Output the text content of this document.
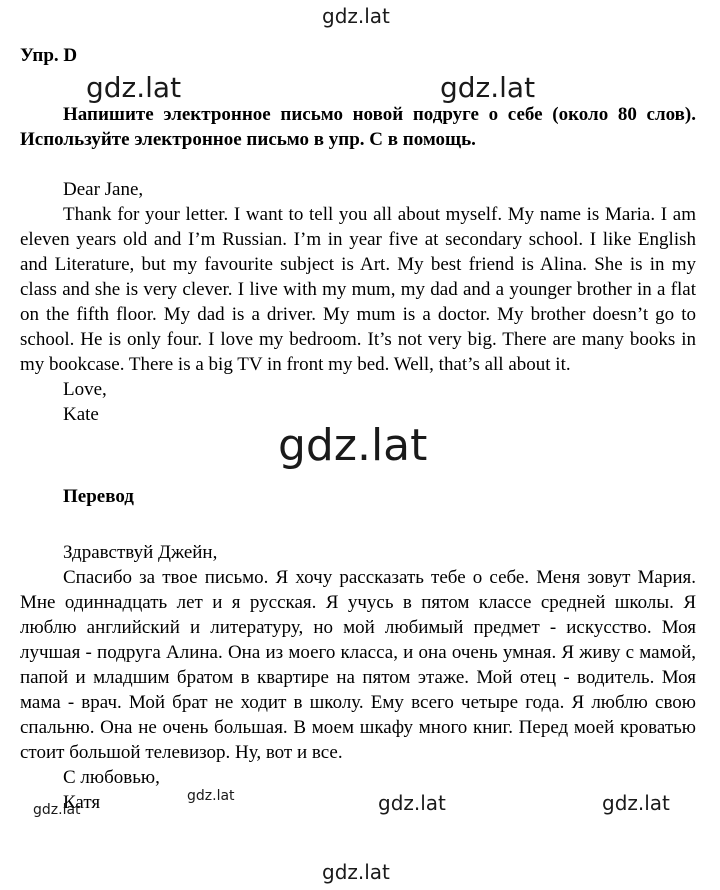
gdz.lat
Упр. D
gdz.lat	gdz.lat
Напишите электронное письмо новой подруге о себе (около 80 слов). Используйте электронное письмо в упр. С в помощь.

Dear Jane,

Thank for your letter. I want to tell you all about myself. My name is Maria. I am eleven years old and I’m Russian. I’m in year five at secondary school. I like English and Literature, but my favourite subject is Art. My best friend is Alina. She is in my class and she is very clever. I live with my mum, my dad and a younger brother in a flat on the fifth floor. My dad is a driver. My mum is a doctor. My brother doesn’t go to school. He is only four. I love my bedroom. It’s not very big. There are many books in my bookcase. There is a big TV in front my bed. Well, that’s all about it.

Love,

Kate

gdz.lat
Перевод

Здравствуй Джейн,

Спасибо за твое письмо. Я хочу рассказать тебе о себе. Меня зовут Мария. Мне одиннадцать лет и я русская. Я учусь в пятом классе средней школы. Я люблю английский и литературу, но мой любимый предмет - искусство. Моя лучшая - подруга Алина. Она из моего класса, и она очень умная. Я живу с мамой, папой и младшим братом в квартире на пятом этаже. Мой отец - водитель. Моя мама - врач. Мой брат не ходит в школу. Ему всего четыре года. Я люблю свою спальню. Она не очень большая. В моем шкафу много книг. Перед моей кроватью стоит большой телевизор. Ну, вот и все.

С любовью,

Катя

gdz.lat
gdz.lat	gdz.lat	gdz.lat
gdz.lat
